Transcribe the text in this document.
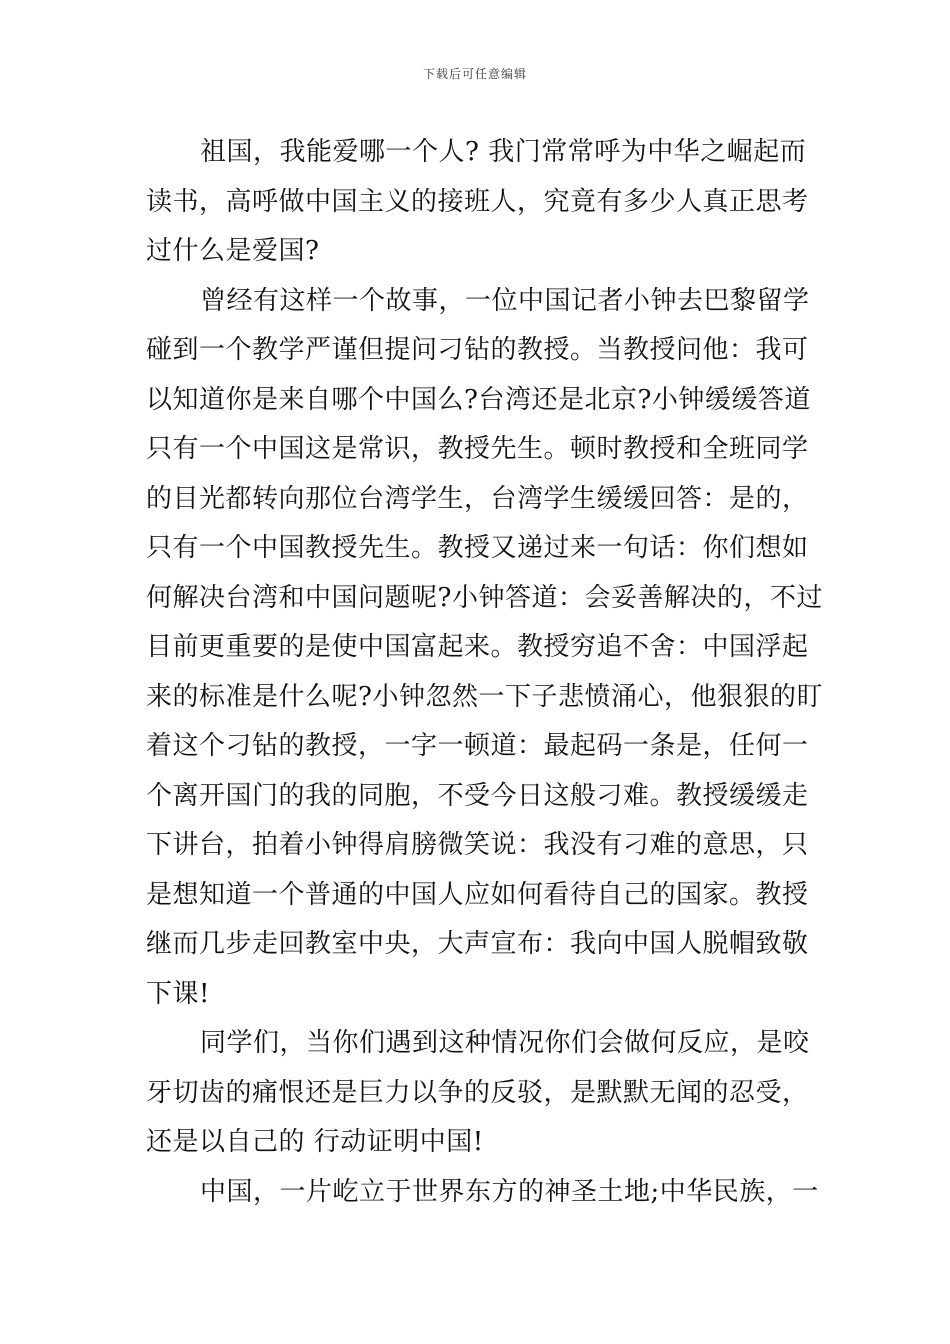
下载后可任意编辑
祖国，我能爱哪一个人? 我门常常呼为中华之崛起而
读书，高呼做中国主义的接班人，究竟有多少人真正思考
过什么是爱国?
曾经有这样一个故事，一位中国记者小钟去巴黎留学
碰到一个教学严谨但提问刁钻的教授。当教授问他：我可
以知道你是来自哪个中国么?台湾还是北京?小钟缓缓答道
只有一个中国这是常识，教授先生。顿时教授和全班同学
的目光都转向那位台湾学生，台湾学生缓缓回答：是的，
只有一个中国教授先生。教授又递过来一句话：你们想如
何解决台湾和中国问题呢?小钟答道：会妥善解决的，不过
目前更重要的是使中国富起来。教授穷追不舍：中国浮起
来的标准是什么呢?小钟忽然一下子悲愤涌心，他狠狠的盯
着这个刁钻的教授，一字一顿道：最起码一条是，任何一
个离开国门的我的同胞，不受今日这般刁难。教授缓缓走
下讲台，拍着小钟得肩膀微笑说：我没有刁难的意思，只
是想知道一个普通的中国人应如何看待自己的国家。教授
继而几步走回教室中央，大声宣布：我向中国人脱帽致敬
下课!
同学们，当你们遇到这种情况你们会做何反应，是咬
牙切齿的痛恨还是巨力以争的反驳，是默默无闻的忍受，
还是以自己的 行动证明中国!
中国，一片屹立于世界东方的神圣土地;中华民族，一
